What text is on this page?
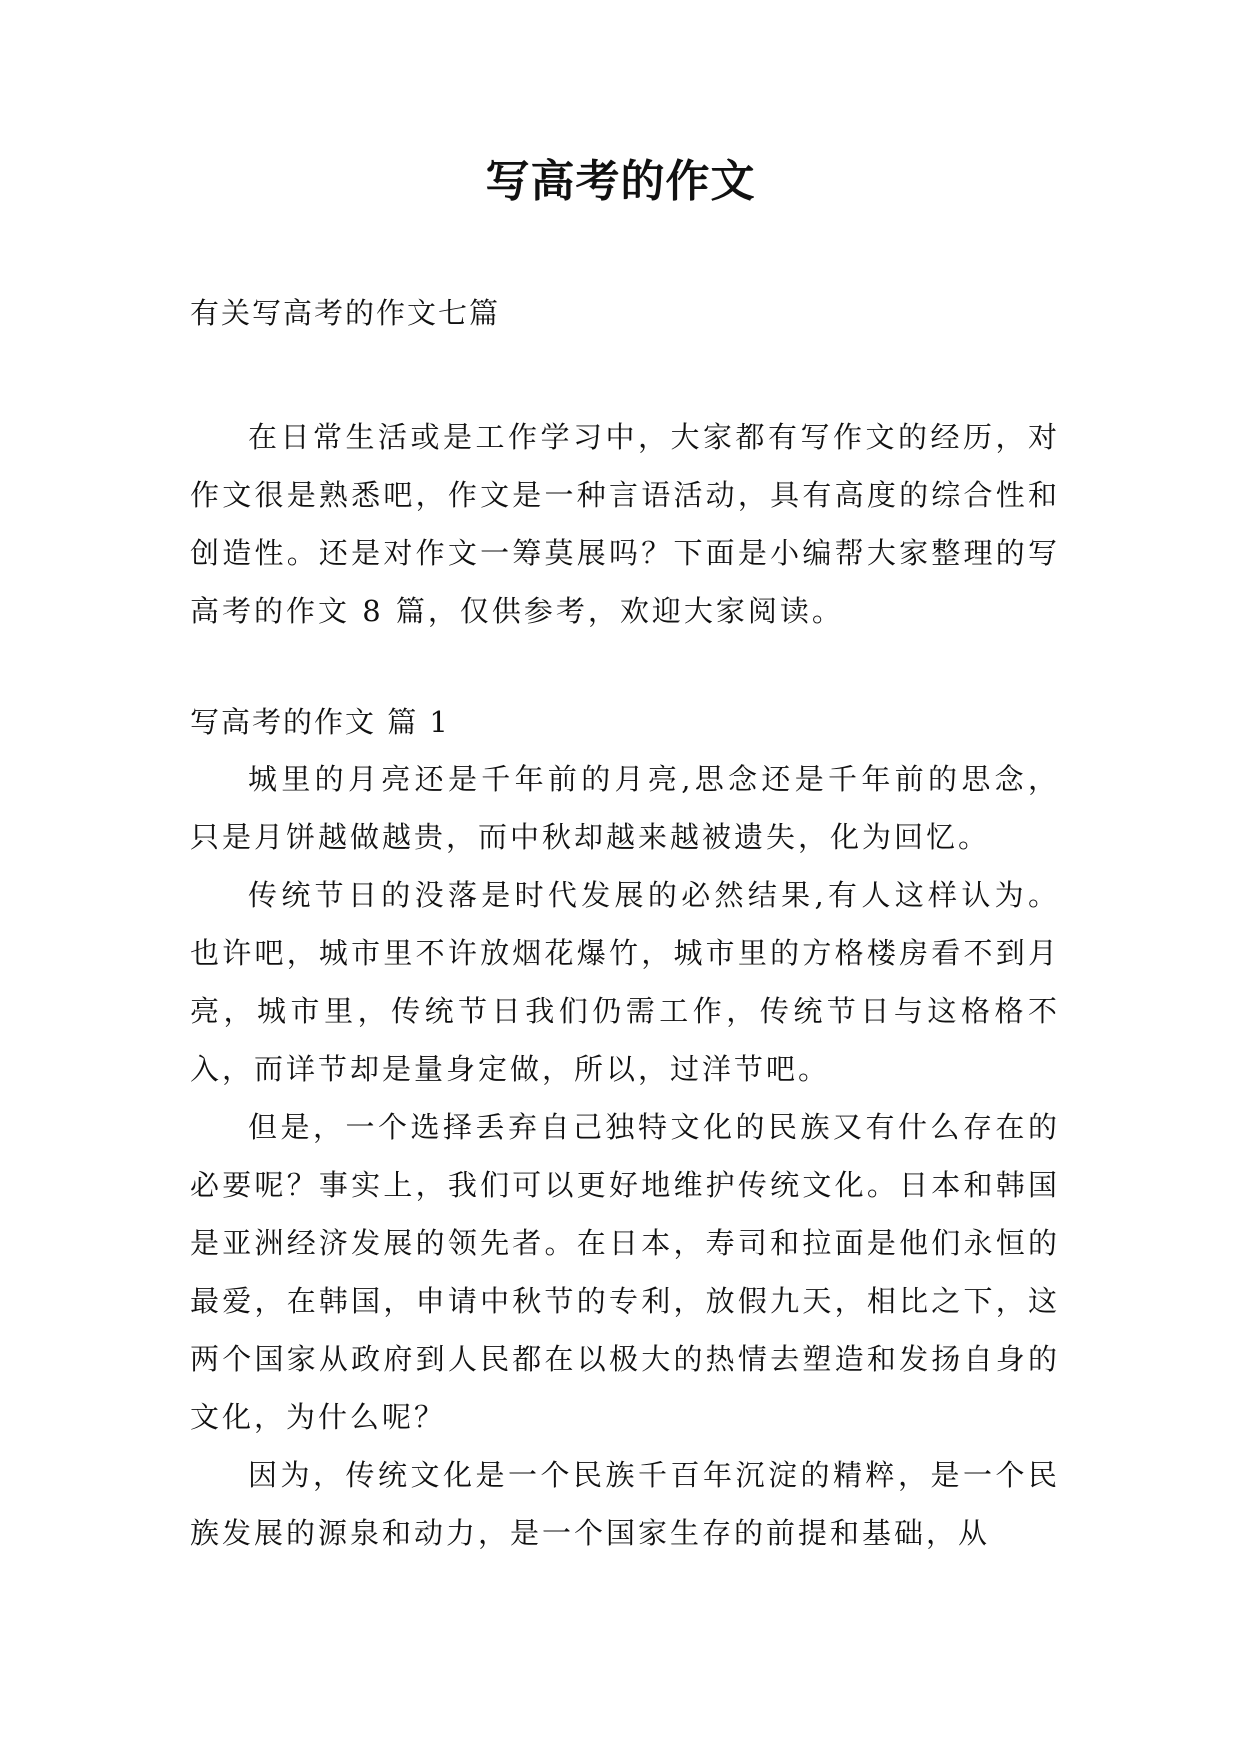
写高考的作文

有关写高考的作文七篇

在日常生活或是工作学习中，大家都有写作文的经历，对作文很是熟悉吧，作文是一种言语活动，具有高度的综合性和创造性。还是对作文一筹莫展吗？下面是小编帮大家整理的写高考的作文 8 篇，仅供参考，欢迎大家阅读。

写高考的作文 篇 1

城里的月亮还是千年前的月亮,思念还是千年前的思念，只是月饼越做越贵，而中秋却越来越被遗失，化为回忆。

传统节日的没落是时代发展的必然结果,有人这样认为。也许吧，城市里不许放烟花爆竹，城市里的方格楼房看不到月亮，城市里，传统节日我们仍需工作，传统节日与这格格不入，而详节却是量身定做，所以，过洋节吧。

但是，一个选择丢弃自己独特文化的民族又有什么存在的必要呢？事实上，我们可以更好地维护传统文化。日本和韩国是亚洲经济发展的领先者。在日本，寿司和拉面是他们永恒的最爱，在韩国，申请中秋节的专利，放假九天，相比之下，这两个国家从政府到人民都在以极大的热情去塑造和发扬自身的文化，为什么呢？

因为，传统文化是一个民族千百年沉淀的精粹，是一个民族发展的源泉和动力，是一个国家生存的前提和基础，从
